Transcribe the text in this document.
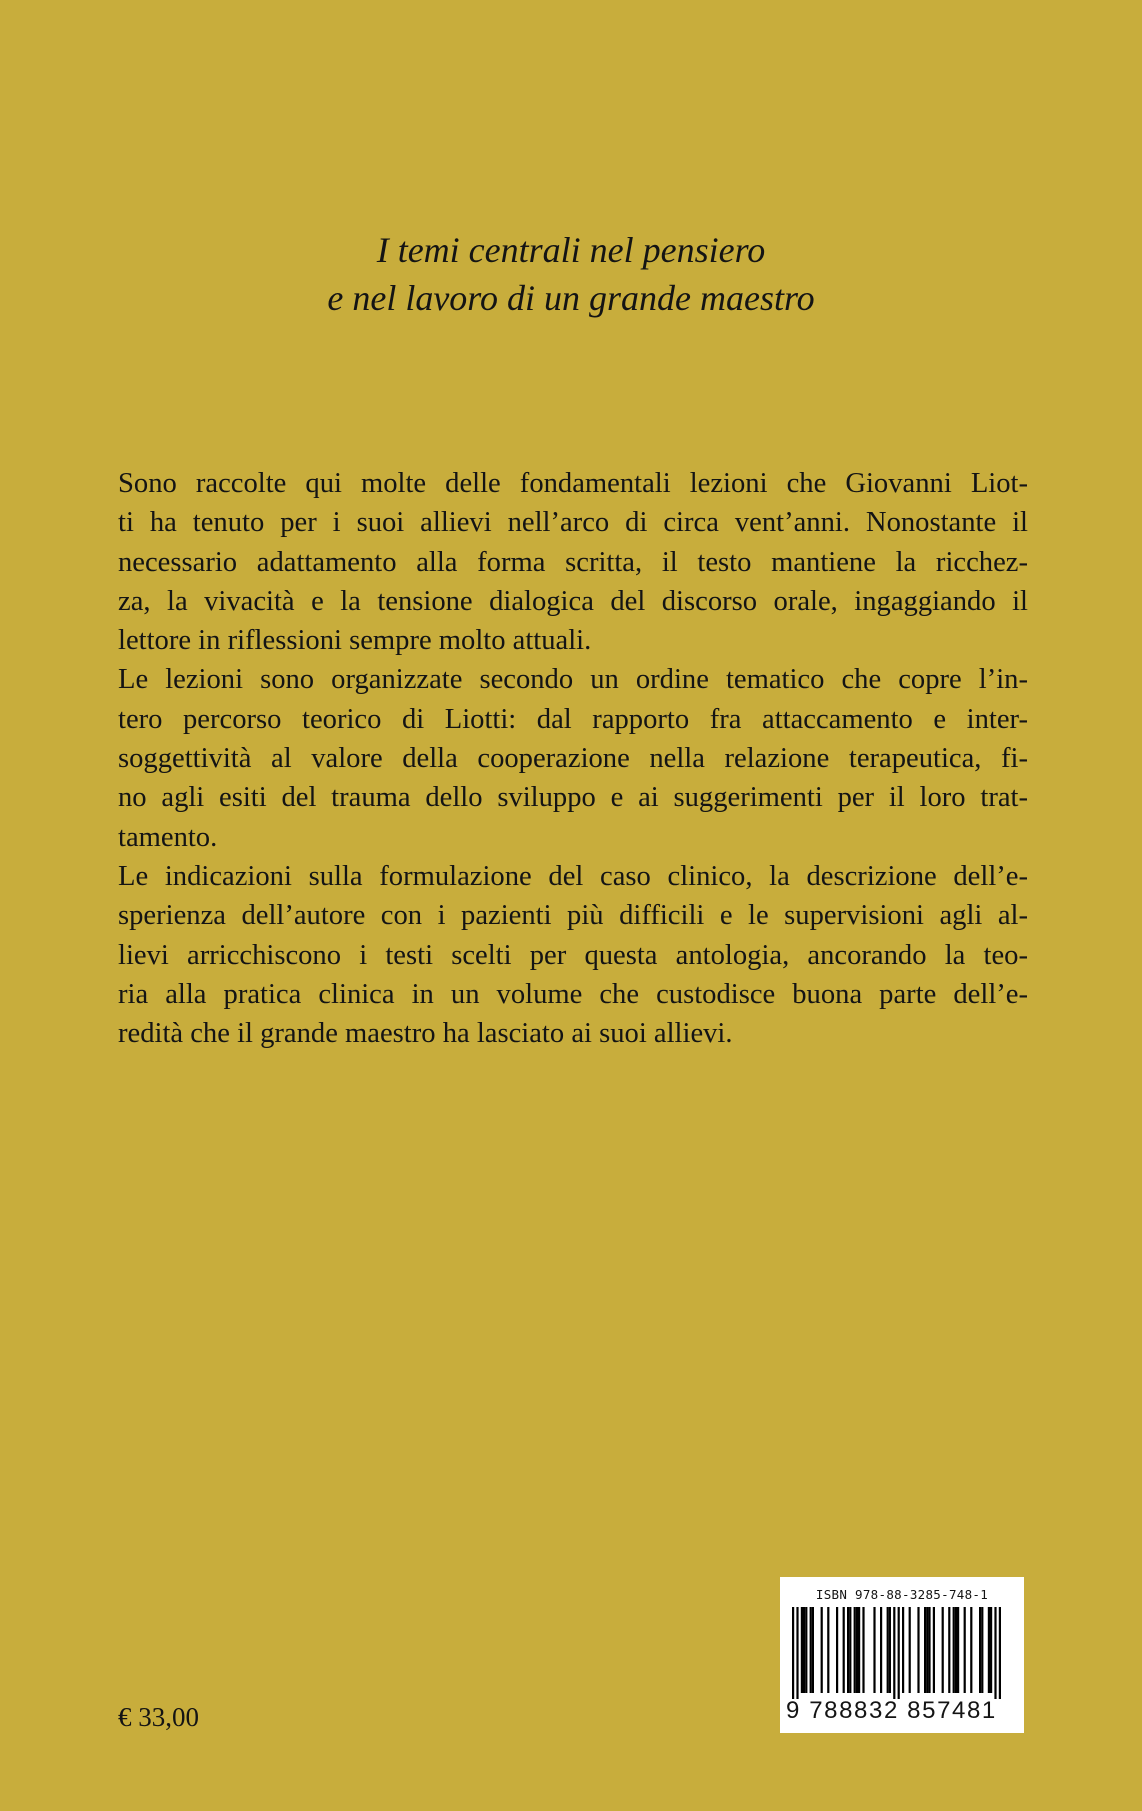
I temi centrali nel pensiero
e nel lavoro di un grande maestro
Sono raccolte qui molte delle fondamentali lezioni che Giovanni Liot-
ti ha tenuto per i suoi allievi nell’arco di circa vent’anni. Nonostante il
necessario adattamento alla forma scritta, il testo mantiene la ricchez-
za, la vivacità e la tensione dialogica del discorso orale, ingaggiando il
lettore in riflessioni sempre molto attuali.
Le lezioni sono organizzate secondo un ordine tematico che copre l’in-
tero percorso teorico di Liotti: dal rapporto fra attaccamento e inter-
soggettività al valore della cooperazione nella relazione terapeutica, fi-
no agli esiti del trauma dello sviluppo e ai suggerimenti per il loro trat-
tamento.
Le indicazioni sulla formulazione del caso clinico, la descrizione dell’e-
sperienza dell’autore con i pazienti più difficili e le supervisioni agli al-
lievi arricchiscono i testi scelti per questa antologia, ancorando la teo-
ria alla pratica clinica in un volume che custodisce buona parte dell’e-
redità che il grande maestro ha lasciato ai suoi allievi.
€ 33,00
ISBN 978-88-3285-748-1
9 788832 857481
